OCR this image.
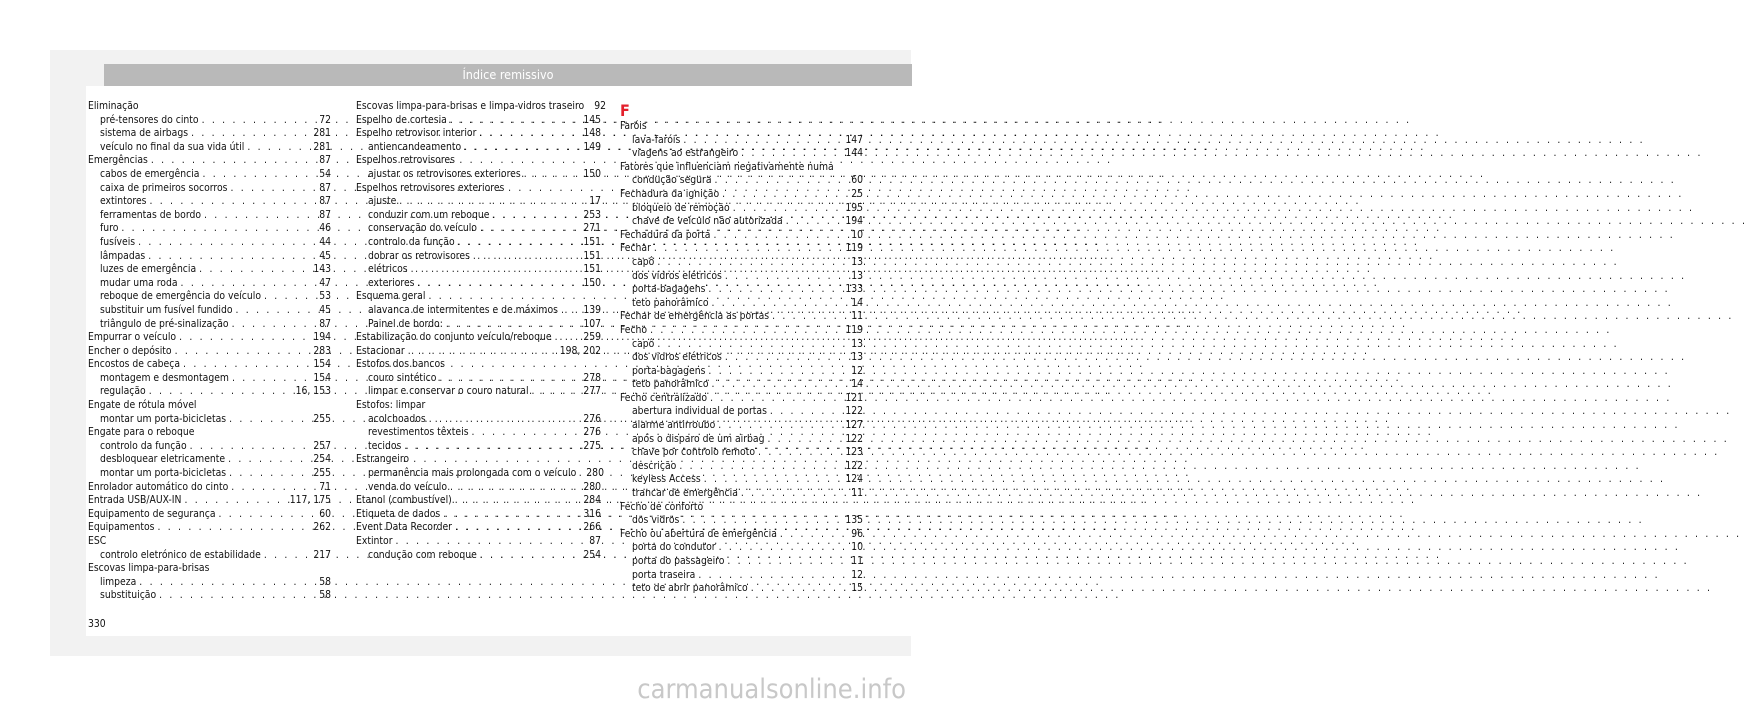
Índice remissivo
Eliminação
pré-tensores do cinto . . .	72
sistema de airbags . . .	281
veículo no final da sua vida útil . . .	281
Emergências . . .	87
cabos de emergência . . .	54
caixa de primeiros socorros . . .	87
extintores . . .	87
ferramentas de bordo . . .	87
furo . . .	46
fusíveis . . .	44
lâmpadas . . .	45
luzes de emergência . . .	143
mudar uma roda . . .	47
reboque de emergência do veículo . . .	53
substituir um fusível fundido . . .	45
triângulo de pré-sinalização . . .	87
Empurrar o veículo . . .	194
Encher o depósito . . .	283
Encostos de cabeça . . .	154
montagem e desmontagem . . .	154
regulação . . .	16, 153
Engate de rótula móvel
montar um porta-bicicletas . . .	255
Engate para o reboque
controlo da função . . .	257
desbloquear eletricamente . . .	254
montar um porta-bicicletas . . .	255
Enrolador automático do cinto . . .	71
Entrada USB/AUX-IN . . .	117, 175
Equipamento de segurança . . .	60
Equipamentos . . .	262
ESC
controlo eletrónico de estabilidade . . .	217
Escovas limpa-para-brisas
limpeza . . .	58
substituição . . .	58
Escovas limpa-para-brisas e limpa-vidros traseiro 92
Espelho de cortesia . . .	145
Espelho retrovisor interior . . .	148
antiencandeamento . . .	149
Espelhos retrovisores
ajustar os retrovisores exteriores . . .	150
Espelhos retrovisores exteriores
ajuste . . .	17
conduzir com um reboque . . .	253
conservação do veículo . . .	271
controlo da função . . .	151
dobrar os retrovisores . . .	151
elétricos . . .	151
exteriores . . .	150
Esquema geral
alavanca de intermitentes e de máximos . . . 139
Painel de bordo: . . .	107
Estabilização do conjunto veículo/reboque . . .	259
Estacionar . . .	198, 202
Estofos dos bancos
couro sintético . . .	278
limpar e conservar o couro natural . . .	277
Estofos: limpar
acolchoados . . .	276
revestimentos têxteis . . .	276
tecidos . . .	275
Estrangeiro
permanência mais prolongada com o veículo 280
venda do veículo . . .	280
Etanol (combustível) . . .	284
Etiqueta de dados . . .	316
Event Data Recorder . . .	266
Extintor . . .	87
condução com reboque . . .	254
F
Faróis
lava-faróis . . .	147
viagens ao estrangeiro . . .	144
Fatores que influenciam negativamente numa
condução segura . . .	60
Fechadura da ignição . . .	25
bloqueio de remoção . . .	195
chave de veículo não autorizada . . .	194
Fechadura da porta . . .	10
Fechar . . .	119
capô . . .	13
dos vidros elétricos . . .	13
porta-bagagens . . .	133
teto panorâmico . . .	14
Fechar de emergência as portas . . .	11
Fecho . . .	119
capô . . .	13
dos vidros elétricos . . .	13
porta-bagagens . . .	12
teto panorâmico . . .	14
Fecho centralizado . . .	121
abertura individual de portas . . .	122
alarme antirroubo . . .	127
após o disparo de um airbag . . .	122
chave por controlo remoto . . .	123
descrição . . .	122
keyless Access . . .	124
trancar de emergência . . .	11
Fecho de conforto
dos vidros . . .	135
Fecho ou abertura de emergência . . .	96
porta do condutor . . .	10
porta do passageiro . . .	11
porta traseira . . .	12
teto de abrir panorâmico . . .	15
330
carmanualsonline.info
